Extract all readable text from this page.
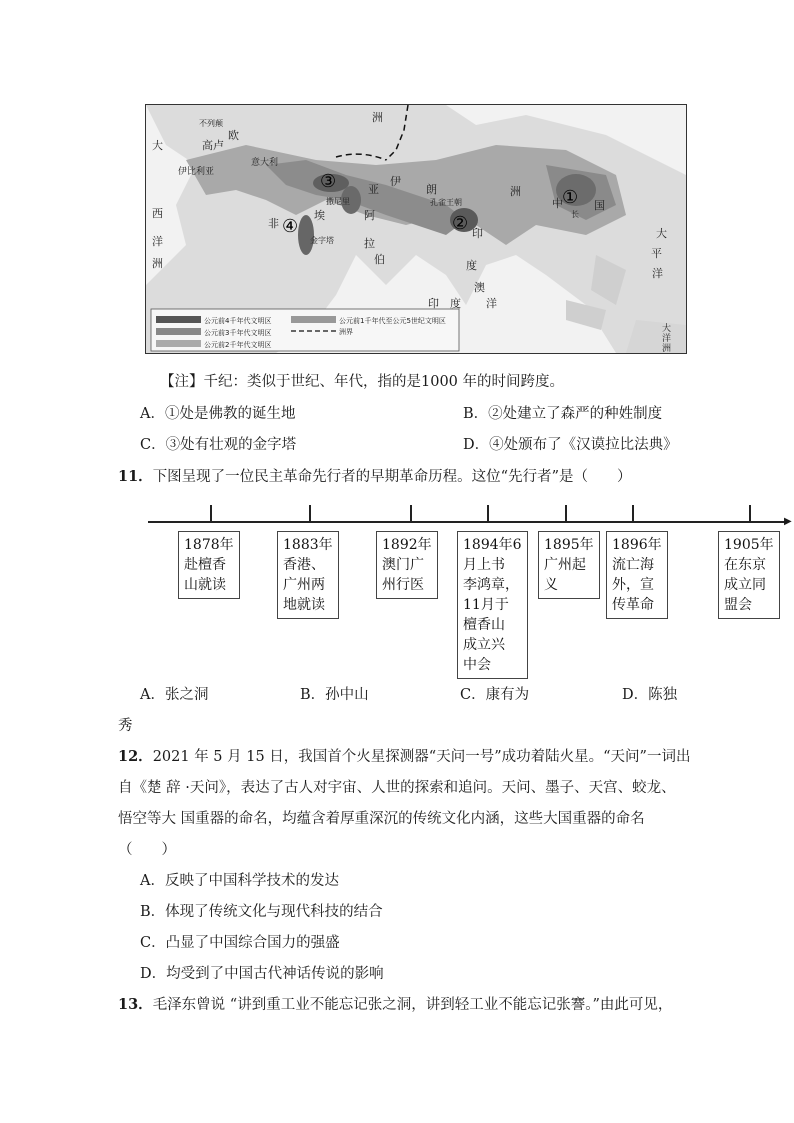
公元前4千年代文明区
公元前3千年代文明区
公元前2千年代文明区
公元前1千年代至公元5世纪文明区
洲界
大
不列颠
欧
高卢
伊比利亚
意大利
西
洲
洋
非
亚
伊
朗
撒尼里
阿
拉
伯
埃
金字塔
孔雀王朝
印
度
洲
中	国
长
大
平
洋
澳
印 度 洋
洲
大
洋
洲
①
②
③
④
【注】千纪：类似于世纪、年代，指的是1000 年的时间跨度。
A．①处是佛教的诞生地	B．②处建立了森严的种姓制度
C．③处有壮观的金字塔	D．④处颁布了《汉谟拉比法典》
11．下图呈现了一位民主革命先行者的早期革命历程。这位“先行者”是（　　）
▶
1878年
赴檀香
山就读
1883年
香港、
广州两
地就读
1892年
澳门广
州行医
1894年6
月上书
李鸿章，
11月于
檀香山
成立兴
中会
1895年
广州起
义
1896年
流亡海
外，宣
传革命
1905年
在东京
成立同
盟会
A．张之洞	B．孙中山	C．康有为	D．陈独
秀
12．2021 年 5 月 15 日，我国首个火星探测器“天问一号”成功着陆火星。“天问”一词出
自《楚 辞 ·天问》，表达了古人对宇宙、人世的探索和追问。天问、墨子、天宫、蛟龙、
悟空等大 国重器的命名，均蕴含着厚重深沉的传统文化内涵，这些大国重器的命名
（　　）
A．反映了中国科学技术的发达
B．体现了传统文化与现代科技的结合
C．凸显了中国综合国力的强盛
D．均受到了中国古代神话传说的影响
13．毛泽东曾说 “讲到重工业不能忘记张之洞，讲到轻工业不能忘记张謇。”由此可见，
